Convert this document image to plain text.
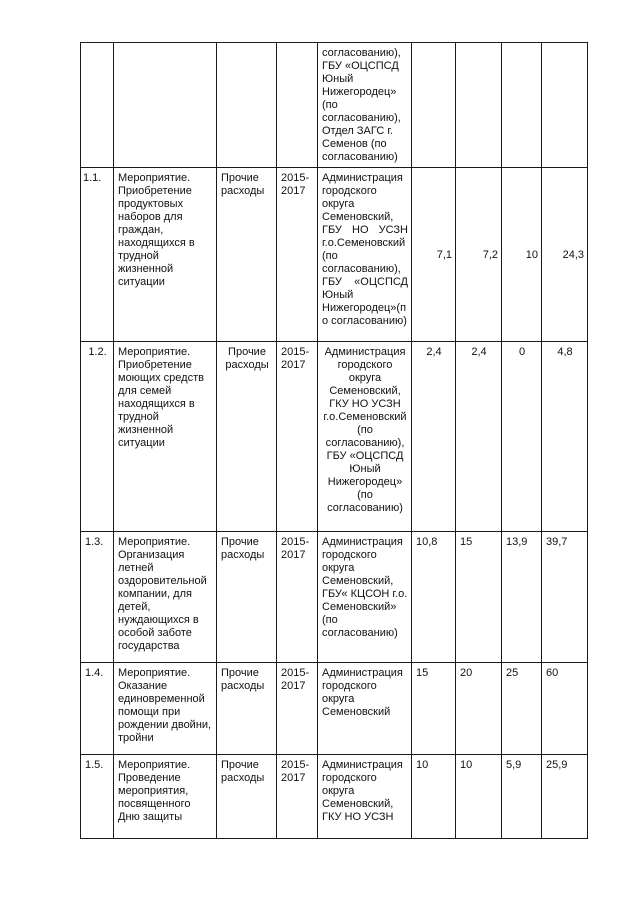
				согласованию), ГБУ «ОЦСПСД Юный Нижегородец» (по согласованию), Отдел ЗАГС г. Семенов (по согласованию)				
1.1.	Мероприятие. Приобретение продуктовых наборов для граждан, находящихся в трудной жизненной ситуации	Прочие расходы	2015-2017	Администрация городского округа Семеновский, ГБУ НО УСЗН г.о.Семеновский (по согласованию), ГБУ «ОЦСПСД Юный Нижегородец»(по согласованию)	7,1	7,2	10	24,3
1.2.	Мероприятие. Приобретение моющих средств для семей находящихся в трудной жизненной ситуации	Прочие расходы	2015-2017	Администрация городского округа Семеновский, ГКУ НО УСЗН г.о.Семеновский (по согласованию), ГБУ «ОЦСПСД Юный Нижегородец» (по согласованию)	2,4	2,4	0	4,8
1.3.	Мероприятие. Организация летней оздоровительной компании, для детей, нуждающихся в особой заботе государства	Прочие расходы	2015-2017	Администрация городского округа Семеновский, ГБУ« КЦСОН г.о. Семеновский» (по согласованию)	10,8	15	13,9	39,7
1.4.	Мероприятие. Оказание единовременной помощи при рождении двойни, тройни	Прочие расходы	2015-2017	Администрация городского округа Семеновский	15	20	25	60
1.5.	Мероприятие. Проведение мероприятия, посвященного Дню защиты	Прочие расходы	2015-2017	Администрация городского округа Семеновский, ГКУ НО УСЗН	10	10	5,9	25,9
